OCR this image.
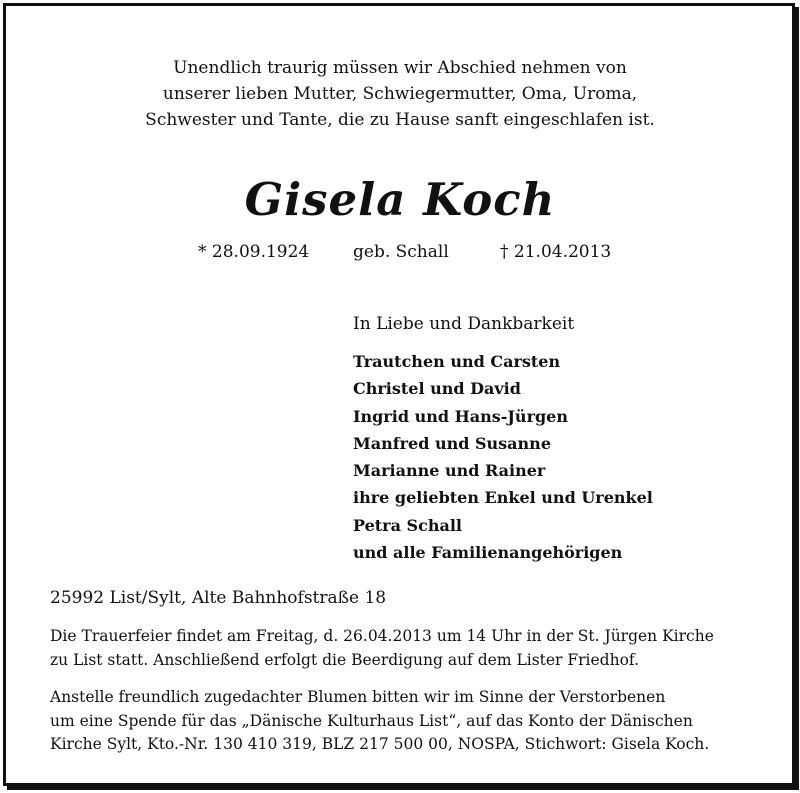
Unendlich traurig müssen wir Abschied nehmen von
unserer lieben Mutter, Schwiegermutter, Oma, Uroma,
Schwester und Tante, die zu Hause sanft eingeschlafen ist.
Gisela Koch
* 28.09.1924	geb. Schall	† 21.04.2013
In Liebe und Dankbarkeit
Trautchen und Carsten
Christel und David
Ingrid und Hans-Jürgen
Manfred und Susanne
Marianne und Rainer
ihre geliebten Enkel und Urenkel
Petra Schall
und alle Familienangehörigen
25992 List/Sylt, Alte Bahnhofstraße 18
Die Trauerfeier findet am Freitag, d. 26.04.2013 um 14 Uhr in der St. Jürgen Kirche
zu List statt. Anschließend erfolgt die Beerdigung auf dem Lister Friedhof.
Anstelle freundlich zugedachter Blumen bitten wir im Sinne der Verstorbenen
um eine Spende für das „Dänische Kulturhaus List“, auf das Konto der Dänischen
Kirche Sylt, Kto.-Nr. 130 410 319, BLZ 217 500 00, NOSPA, Stichwort: Gisela Koch.
